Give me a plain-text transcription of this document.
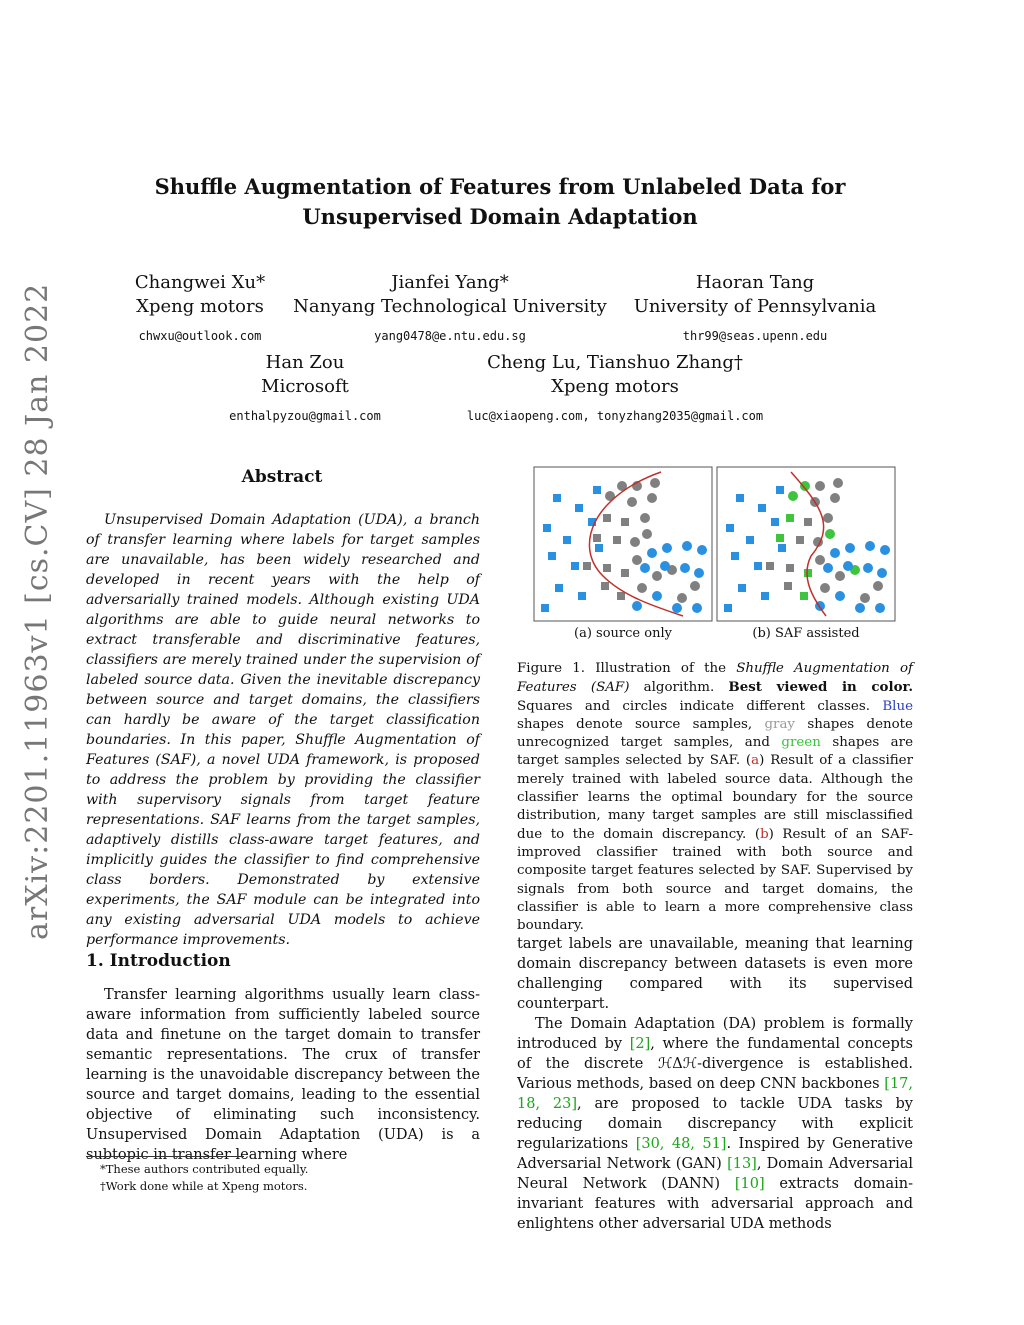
arXiv:2201.11963v1 [cs.CV] 28 Jan 2022
Shuffle Augmentation of Features from Unlabeled Data for
Unsupervised Domain Adaptation
Changwei Xu*
Xpeng motors
chwxu@outlook.com
Jianfei Yang*
Nanyang Technological University
yang0478@e.ntu.edu.sg
Haoran Tang
University of Pennsylvania
thr99@seas.upenn.edu
Han Zou
Microsoft
enthalpyzou@gmail.com
Cheng Lu, Tianshuo Zhang†
Xpeng motors
luc@xiaopeng.com, tonyzhang2035@gmail.com
Abstract
Unsupervised Domain Adaptation (UDA), a branch of transfer learning where labels for target samples are unavailable, has been widely researched and developed in recent years with the help of adversarially trained models. Although existing UDA algorithms are able to guide neural networks to extract transferable and discriminative features, classifiers are merely trained under the supervision of labeled source data. Given the inevitable discrepancy between source and target domains, the classifiers can hardly be aware of the target classification boundaries. In this paper, Shuffle Augmentation of Features (SAF), a novel UDA framework, is proposed to address the problem by providing the classifier with supervisory signals from target feature representations. SAF learns from the target samples, adaptively distills class-aware target features, and implicitly guides the classifier to find comprehensive class borders. Demonstrated by extensive experiments, the SAF module can be integrated into any existing adversarial UDA models to achieve performance improvements.
1. Introduction
Transfer learning algorithms usually learn class-aware information from sufficiently labeled source data and finetune on the target domain to transfer semantic representations. The crux of transfer learning is the unavoidable discrepancy between the source and target domains, leading to the essential objective of eliminating such inconsistency. Unsupervised Domain Adaptation (UDA) is a subtopic in transfer learning where
*These authors contributed equally.
†Work done while at Xpeng motors.
(a) source only	(b) SAF assisted
Figure 1. Illustration of the Shuffle Augmentation of Features (SAF) algorithm. Best viewed in color. Squares and circles indicate different classes. Blue shapes denote source samples, gray shapes denote unrecognized target samples, and green shapes are target samples selected by SAF. (a) Result of a classifier merely trained with labeled source data. Although the classifier learns the optimal boundary for the source distribution, many target samples are still misclassified due to the domain discrepancy. (b) Result of an SAF-improved classifier trained with both source and composite target features selected by SAF. Supervised by signals from both source and target domains, the classifier is able to learn a more comprehensive class boundary.
target labels are unavailable, meaning that learning domain discrepancy between datasets is even more challenging compared with its supervised counterpart.
The Domain Adaptation (DA) problem is formally introduced by [2], where the fundamental concepts of the discrete ℋΔℋ-divergence is established. Various methods, based on deep CNN backbones [17, 18, 23], are proposed to tackle UDA tasks by reducing domain discrepancy with explicit regularizations [30, 48, 51]. Inspired by Generative Adversarial Network (GAN) [13], Domain Adversarial Neural Network (DANN) [10] extracts domain-invariant features with adversarial approach and enlightens other adversarial UDA methods
